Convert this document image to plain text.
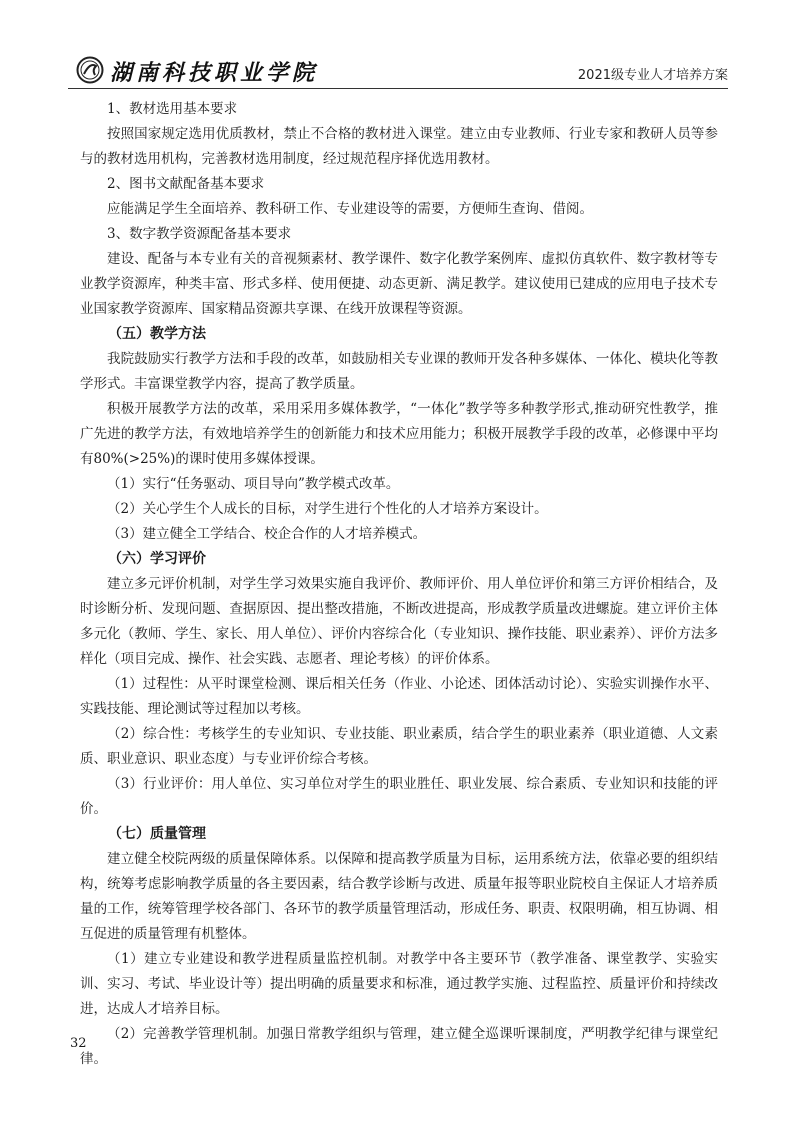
湖南科技职业学院	2021级专业人才培养方案

1、教材选用基本要求

按照国家规定选用优质教材，禁止不合格的教材进入课堂。建立由专业教师、行业专家和教研人员等参与的教材选用机构，完善教材选用制度，经过规范程序择优选用教材。

2、图书文献配备基本要求

应能满足学生全面培养、教科研工作、专业建设等的需要，方便师生查询、借阅。

3、数字教学资源配备基本要求

建设、配备与本专业有关的音视频素材、教学课件、数字化教学案例库、虚拟仿真软件、数字教材等专业教学资源库，种类丰富、形式多样、使用便捷、动态更新、满足教学。建议使用已建成的应用电子技术专业国家教学资源库、国家精品资源共享课、在线开放课程等资源。

（五）教学方法

我院鼓励实行教学方法和手段的改革，如鼓励相关专业课的教师开发各种多媒体、一体化、模块化等教学形式。丰富课堂教学内容，提高了教学质量。

积极开展教学方法的改革，采用采用多媒体教学，“一体化”教学等多种教学形式,推动研究性教学，推广先进的教学方法，有效地培养学生的创新能力和技术应用能力；积极开展教学手段的改革，必修课中平均有80%(>25%)的课时使用多媒体授课。

（1）实行“任务驱动、项目导向”教学模式改革。

（2）关心学生个人成长的目标，对学生进行个性化的人才培养方案设计。

（3）建立健全工学结合、校企合作的人才培养模式。

（六）学习评价

建立多元评价机制，对学生学习效果实施自我评价、教师评价、用人单位评价和第三方评价相结合，及时诊断分析、发现问题、查据原因、提出整改措施，不断改进提高，形成教学质量改进螺旋。建立评价主体多元化（教师、学生、家长、用人单位）、评价内容综合化（专业知识、操作技能、职业素养）、评价方法多样化（项目完成、操作、社会实践、志愿者、理论考核）的评价体系。

（1）过程性：从平时课堂检测、课后相关任务（作业、小论述、团体活动讨论）、实验实训操作水平、实践技能、理论测试等过程加以考核。

（2）综合性：考核学生的专业知识、专业技能、职业素质，结合学生的职业素养（职业道德、人文素质、职业意识、职业态度）与专业评价综合考核。

（3）行业评价：用人单位、实习单位对学生的职业胜任、职业发展、综合素质、专业知识和技能的评价。

（七）质量管理

建立健全校院两级的质量保障体系。以保障和提高教学质量为目标，运用系统方法，依靠必要的组织结构，统筹考虑影响教学质量的各主要因素，结合教学诊断与改进、质量年报等职业院校自主保证人才培养质量的工作，统筹管理学校各部门、各环节的教学质量管理活动，形成任务、职责、权限明确，相互协调、相互促进的质量管理有机整体。

（1）建立专业建设和教学进程质量监控机制。对教学中各主要环节（教学准备、课堂教学、实验实训、实习、考试、毕业设计等）提出明确的质量要求和标准，通过教学实施、过程监控、质量评价和持续改进，达成人才培养目标。

（2）完善教学管理机制。加强日常教学组织与管理，建立健全巡课听课制度，严明教学纪律与课堂纪律。

32
